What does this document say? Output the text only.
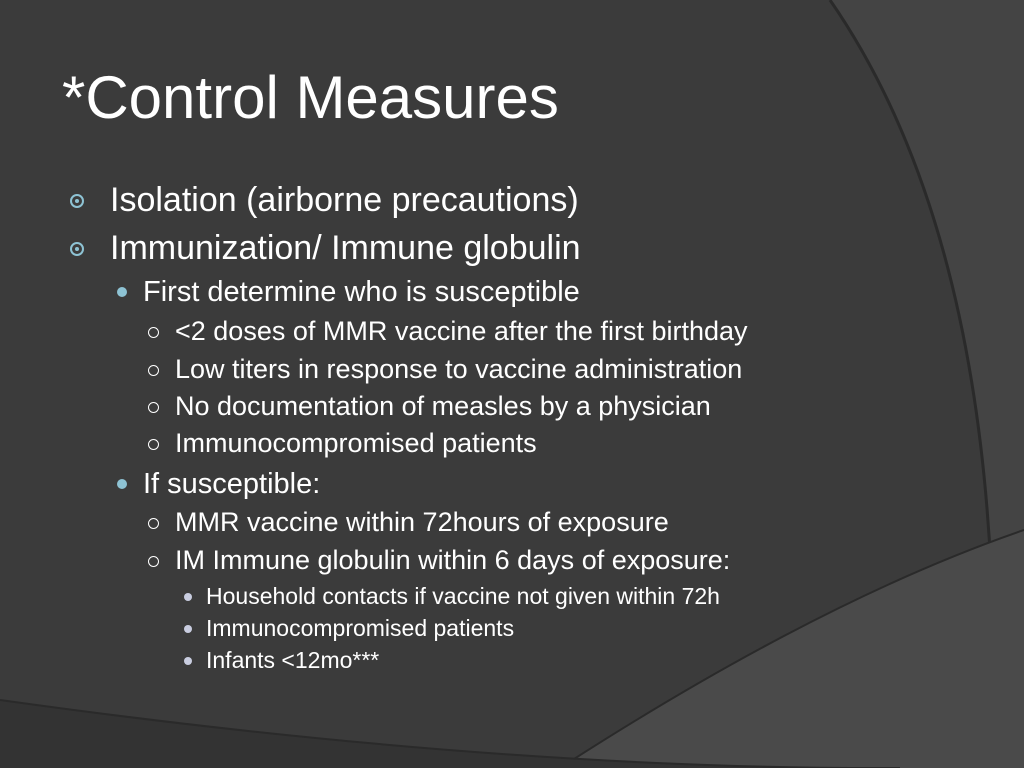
*Control Measures
Isolation (airborne precautions)
Immunization/ Immune globulin
First determine who is susceptible
<2 doses of MMR vaccine after the first birthday
Low titers in response to vaccine administration
No documentation of measles by a physician
Immunocompromised patients
If susceptible:
MMR vaccine within 72hours of exposure
IM Immune globulin within 6 days of exposure:
Household contacts if vaccine not given within 72h
Immunocompromised patients
Infants <12mo***
